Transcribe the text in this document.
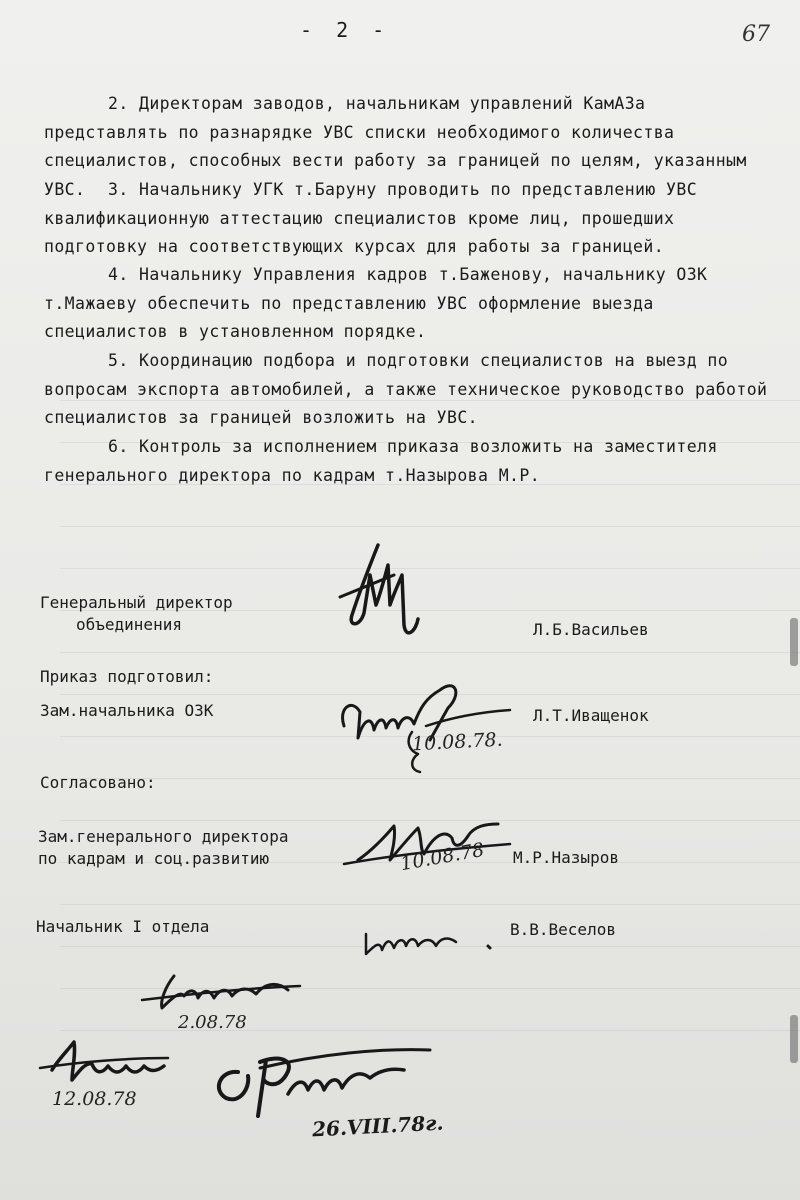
- 2 -	67
2. Директорам заводов, начальникам управлений КамАЗа представлять по разнарядке УВС списки необходимого количества специалистов, способных вести работу за границей по целям, указанным УВС.	3. Начальнику УГК т.Баруну проводить по представлению УВС квалификационную аттестацию специалистов кроме лиц, прошедших подготовку на соответствующих курсах для работы за границей.
4. Начальнику Управления кадров т.Баженову, начальнику ОЗК т.Мажаеву обеспечить по представлению УВС оформление выезда специалистов в установленном порядке.
5. Координацию подбора и подготовки специалистов на выезд по вопросам экспорта автомобилей, а также техническое руководство работой специалистов за границей возложить на УВС.
6. Контроль за исполнением приказа возложить на заместителя генерального директора по кадрам т.Назырова М.Р.
Генеральный директор
объединения	Л.Б.Васильев
Приказ подготовил:
Зам.начальника ОЗК	Л.Т.Иващенок
Согласовано:
Зам.генерального директора
по кадрам и соц.развитию	М.Р.Назыров
Начальник I отдела	В.В.Веселов
10.08.78.
10.08.78
2.08.78
12.08.78
26.VIII.78г.
